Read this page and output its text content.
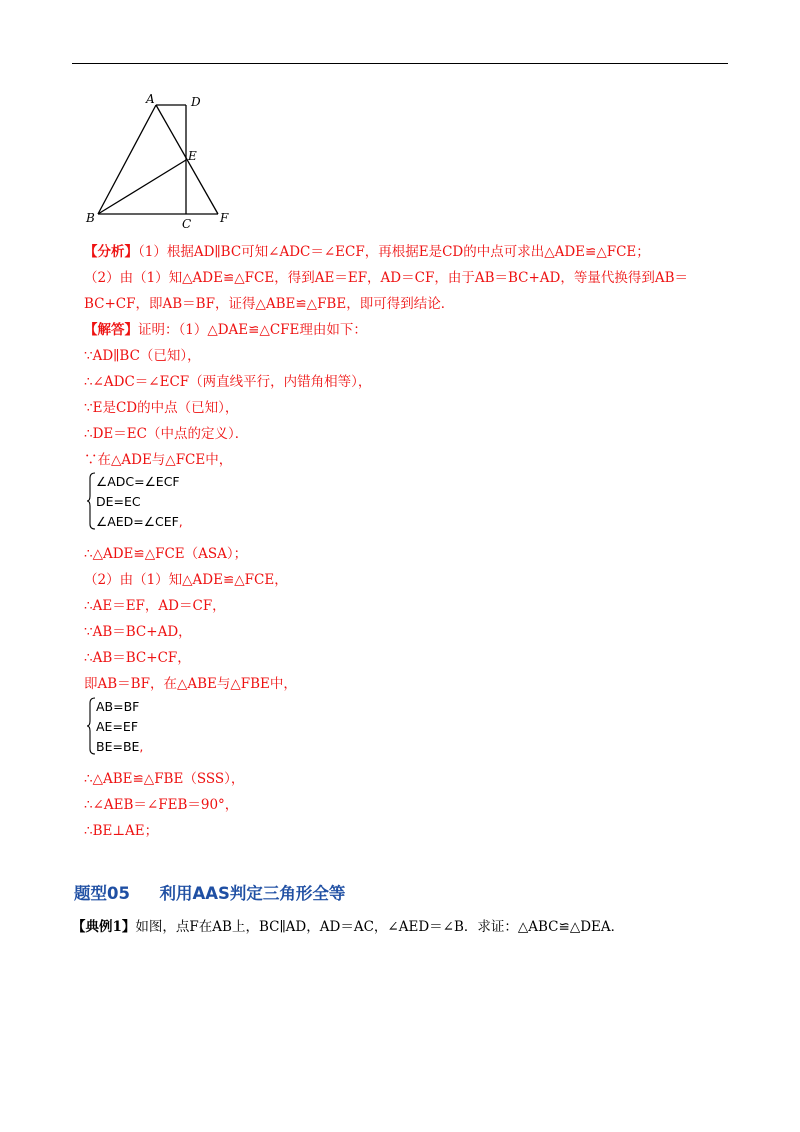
A	D
E
B	C F
【分析】（1）根据AD∥BC可知∠ADC＝∠ECF，再根据E是CD的中点可求出△ADE≌△FCE；
（2）由（1）知△ADE≌△FCE，得到AE＝EF，AD＝CF，由于AB＝BC+AD，等量代换得到AB＝
BC+CF，即AB＝BF，证得△ABE≌△FBE，即可得到结论．
【解答】证明：（1）△DAE≌△CFE理由如下：
∵AD∥BC（已知），
∴∠ADC＝∠ECF（两直线平行，内错角相等），
∵E是CD的中点（已知），
∴DE＝EC（中点的定义）．
∵在△ADE与△FCE中，
∠ADC=∠ECF
DE=EC
∠AED=∠CEF,
∴△ADE≌△FCE（ASA）；
（2）由（1）知△ADE≌△FCE，
∴AE＝EF，AD＝CF，
∵AB＝BC+AD，
∴AB＝BC+CF，
即AB＝BF，在△ABE与△FBE中，
AB=BF
AE=EF
BE=BE,
∴△ABE≌△FBE（SSS），
∴∠AEB＝∠FEB＝90°，
∴BE⊥AE；
题型05 利用AAS判定三角形全等
【典例1】如图，点F在AB上，BC∥AD，AD＝AC，∠AED＝∠B．求证：△ABC≌△DEA．
